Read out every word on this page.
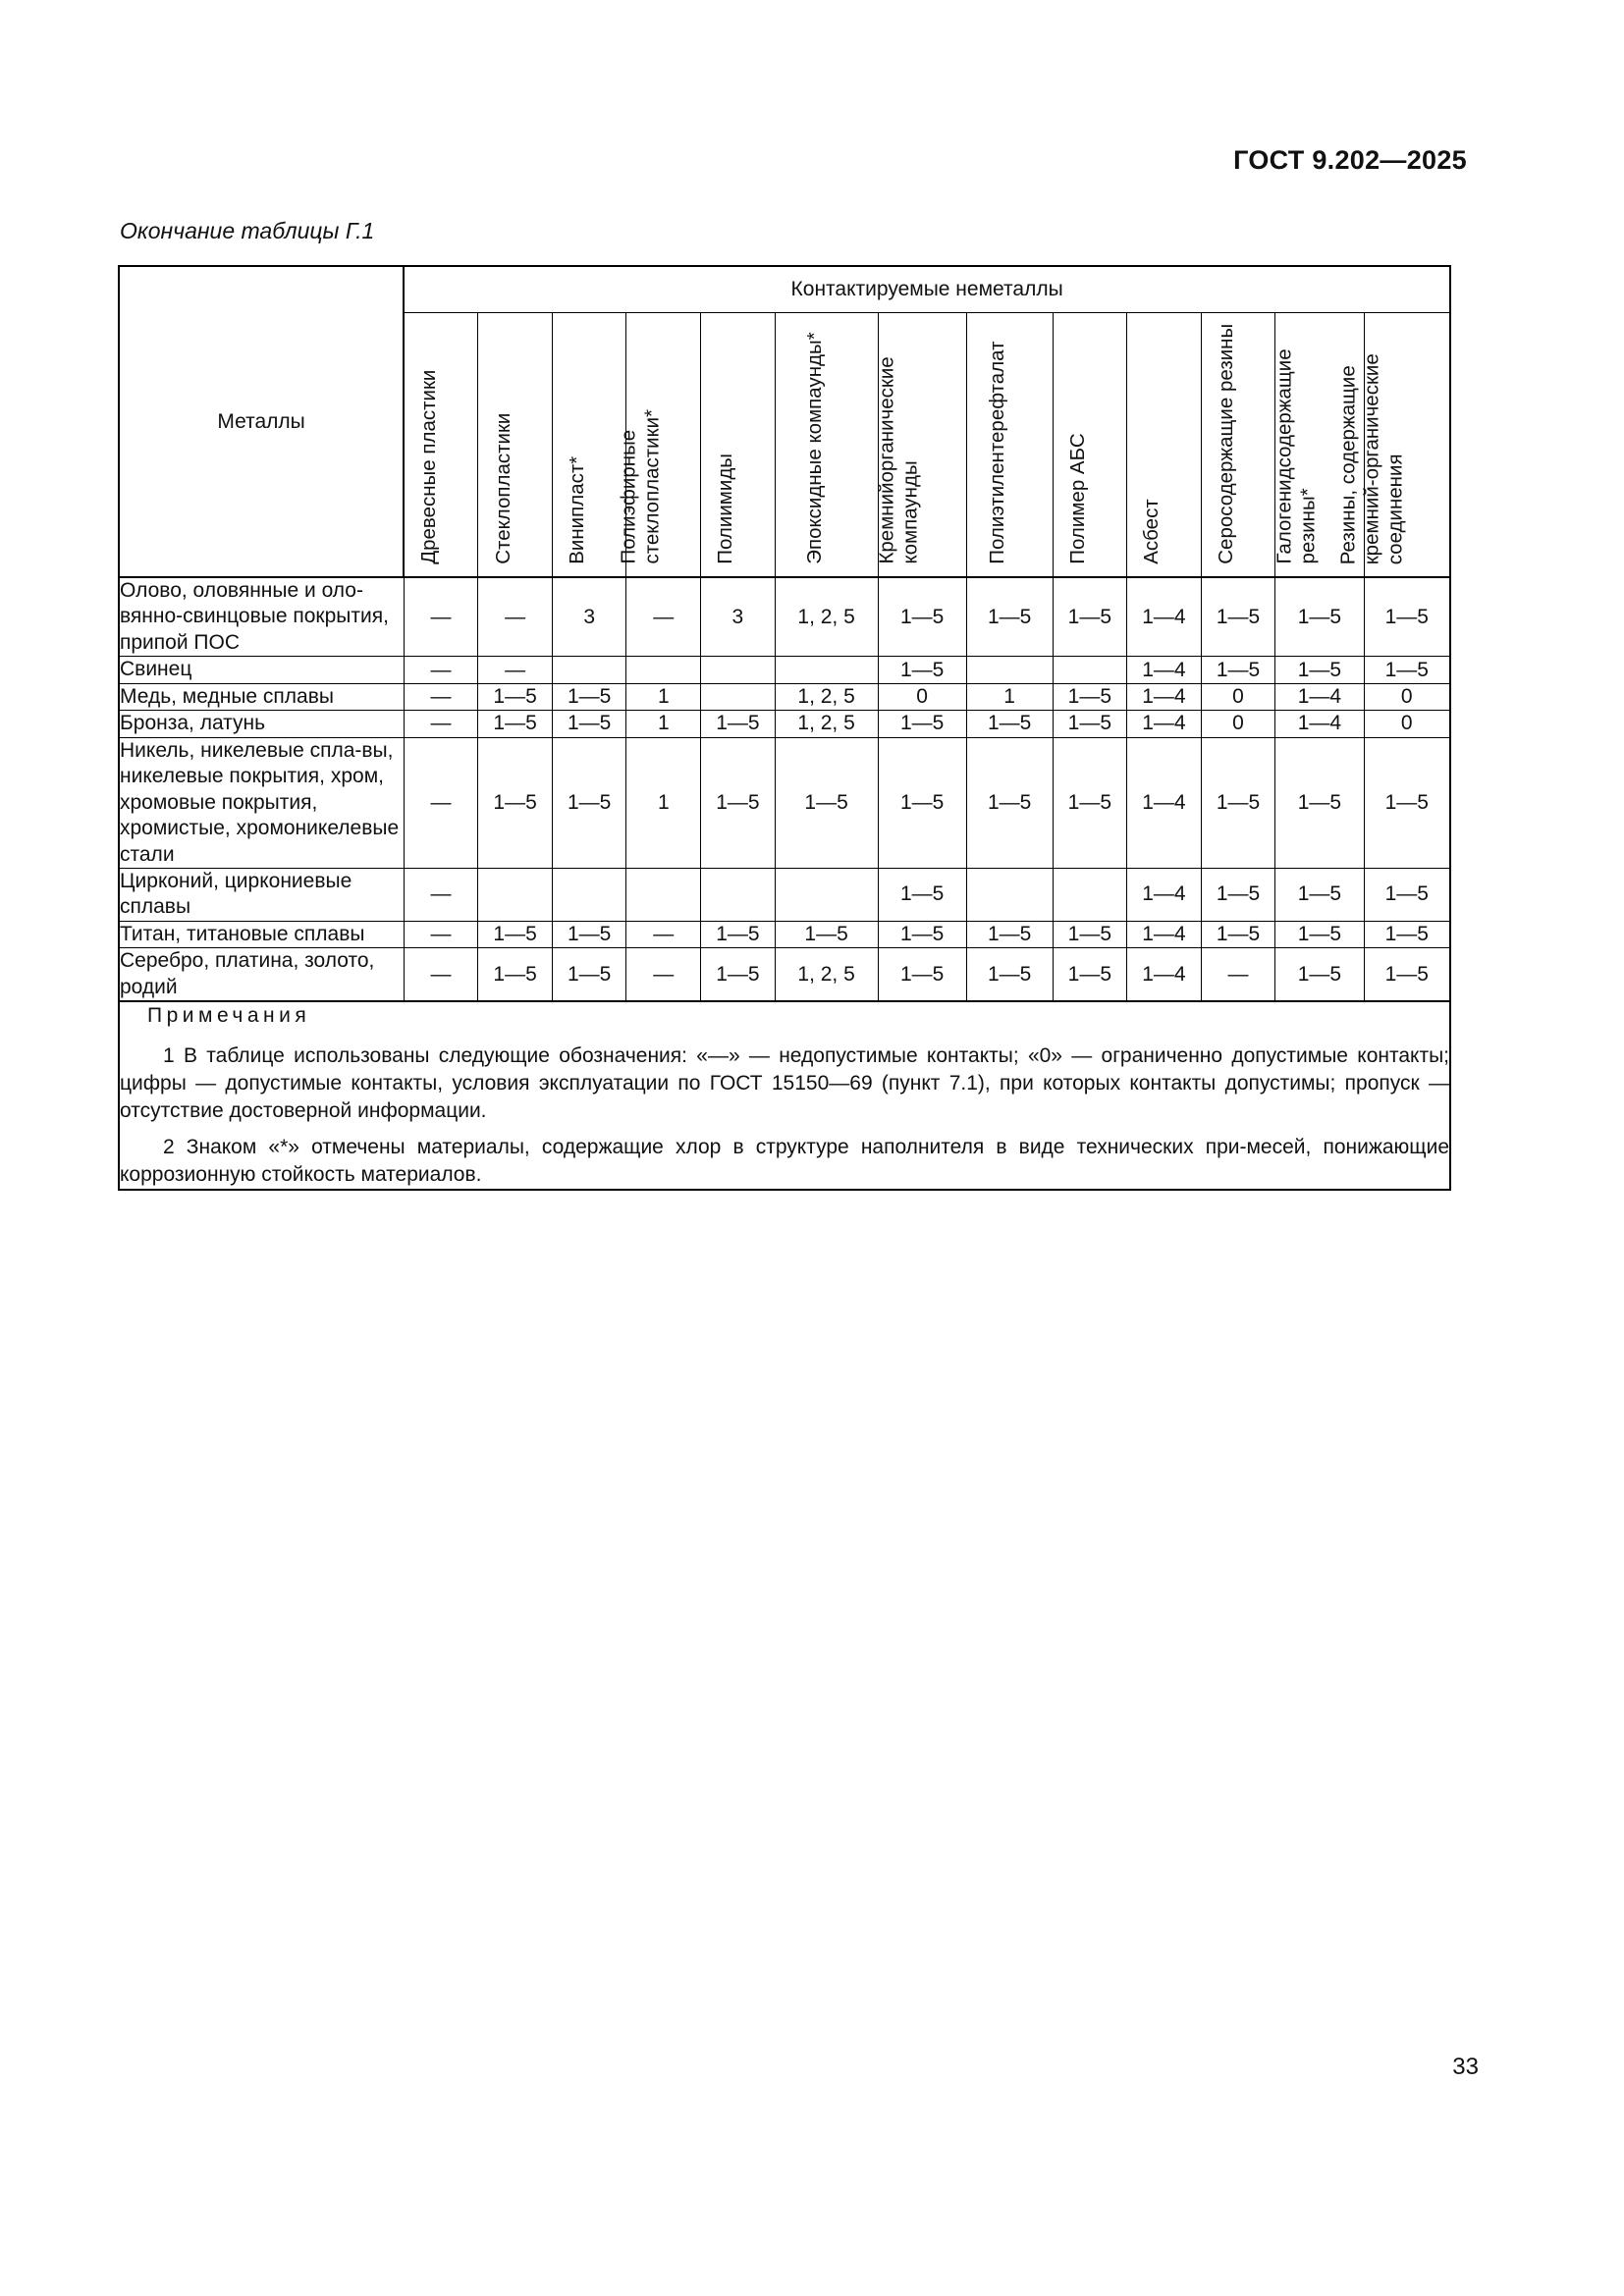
ГОСТ 9.202—2025
Окончание таблицы Г.1
Металлы	Контактируемые неметаллы												

	Древесные пластики	Стеклопластики	Винипласт*	Полиэфирные стеклопластики*	Полиимиды	Эпоксидные компаунды*	Кремнийорганические компаунды	Полиэтилентерефталат	Полимер АБС	Асбест	Серосодержащие резины	Галогенидсодержащие резины*	Резины, содержащие кремний-органические соединения

Олово, оловянные и оло-вянно-свинцовые покрытия, припой ПОС	—	—	3	—	3	1, 2, 5	1—5	1—5	1—5	1—4	1—5	1—5	1—5
Свинец	—	—					1—5			1—4	1—5	1—5	1—5
Медь, медные сплавы	—	1—5	1—5	1		1, 2, 5	0	1	1—5	1—4	0	1—4	0
Бронза, латунь	—	1—5	1—5	1	1—5	1, 2, 5	1—5	1—5	1—5	1—4	0	1—4	0
Никель, никелевые спла-вы, никелевые покрытия, хром, хромовые покрытия, хромистые, хромоникелевые стали	—	1—5	1—5	1	1—5	1—5	1—5	1—5	1—5	1—4	1—5	1—5	1—5
Цирконий, циркониевые сплавы	—						1—5			1—4	1—5	1—5	1—5
Титан, титановые сплавы	—	1—5	1—5	—	1—5	1—5	1—5	1—5	1—5	1—4	1—5	1—5	1—5
Серебро, платина, золото, родий	—	1—5	1—5	—	1—5	1, 2, 5	1—5	1—5	1—5	1—4	—	1—5	1—5

Примечания
1 В таблице использованы следующие обозначения: «—» — недопустимые контакты; «0» — ограниченно допустимые контакты; цифры — допустимые контакты, условия эксплуатации по ГОСТ 15150—69 (пункт 7.1), при которых контакты допустимы; пропуск — отсутствие достоверной информации.
2 Знаком «*» отмечены материалы, содержащие хлор в структуре наполнителя в виде технических при-месей, понижающие коррозионную стойкость материалов.													
33
